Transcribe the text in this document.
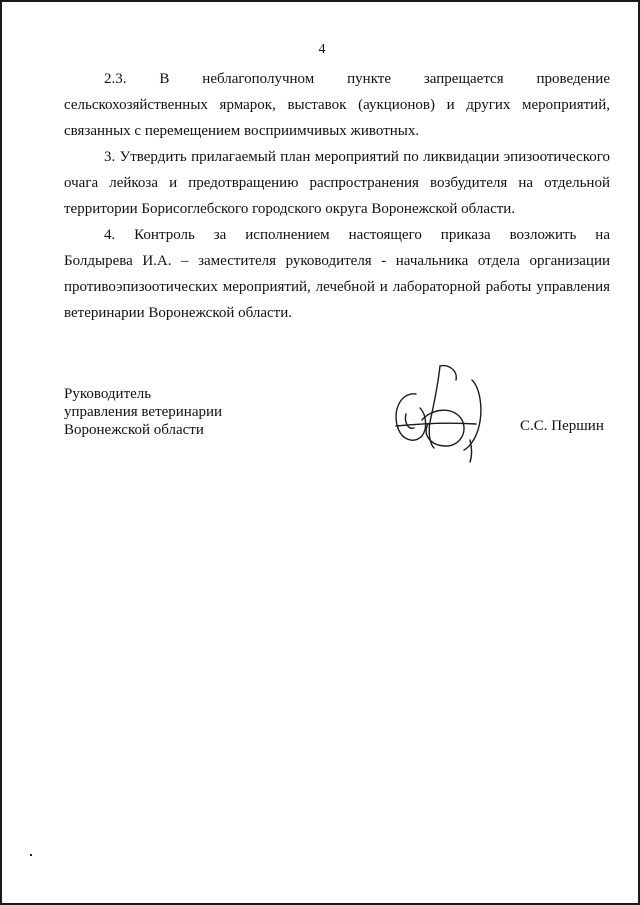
4

2.3. В неблагополучном пункте запрещается проведение
сельскохозяйственных ярмарок, выставок (аукционов) и других мероприятий,
связанных с перемещением восприимчивых животных.

3. Утвердить прилагаемый план мероприятий по ликвидации эпизоотического
очага лейкоза и предотвращению распространения возбудителя на отдельной
территории Борисоглебского городского округа Воронежской области.

4. Контроль за исполнением настоящего приказа возложить на
Болдырева И.А. – заместителя руководителя - начальника отдела организации
противоэпизоотических мероприятий, лечебной и лабораторной работы управления
ветеринарии Воронежской области.

Руководитель
управления ветеринарии
Воронежской области	С.С. Першин
